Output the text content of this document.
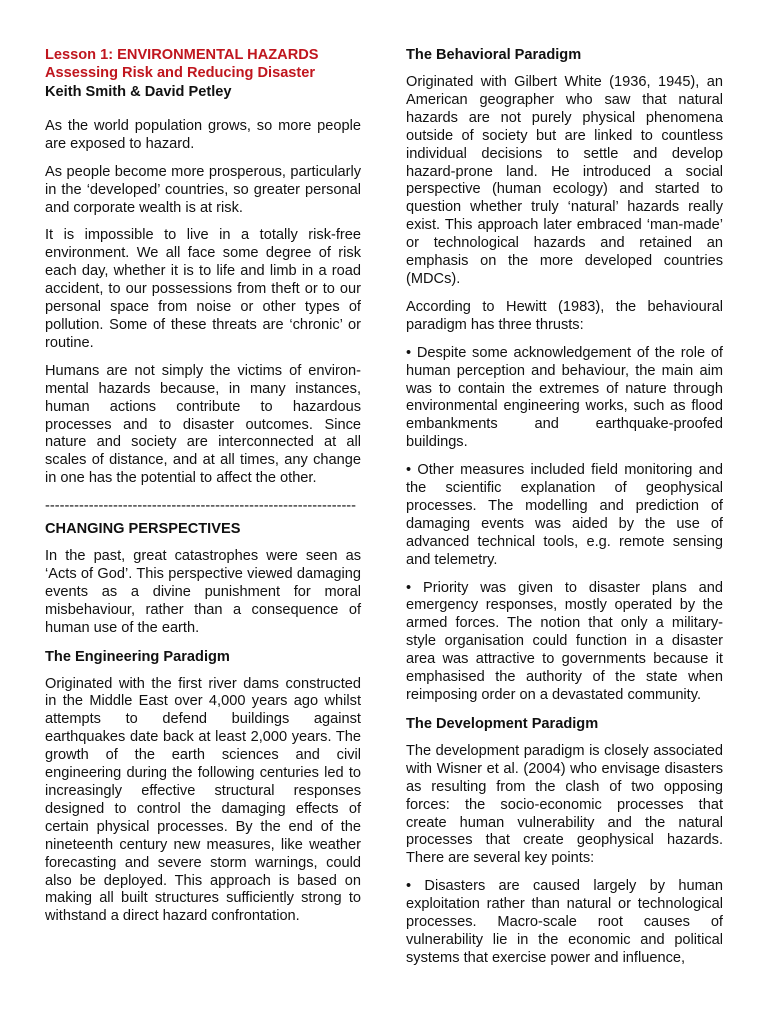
Lesson 1: ENVIRONMENTAL HAZARDS
Assessing Risk and Reducing Disaster
Keith Smith & David Petley

As the world population grows, so more people are exposed to hazard.

As people become more prosperous, particularly in the ‘developed’ countries, so greater personal and corporate wealth is at risk.

It is impossible to live in a totally risk-free environment. We all face some degree of risk each day, whether it is to life and limb in a road accident, to our possessions from theft or to our personal space from noise or other types of pollution. Some of these threats are ‘chronic’ or routine.

Humans are not simply the victims of environ-mental hazards because, in many instances, human actions contribute to hazardous processes and to disaster outcomes. Since nature and society are interconnected at all scales of distance, and at all times, any change in one has the potential to affect the other.

----------------------------------------------------------------
CHANGING PERSPECTIVES

In the past, great catastrophes were seen as ‘Acts of God’. This perspective viewed damaging events as a divine punishment for moral misbehaviour, rather than a consequence of human use of the earth.

The Engineering Paradigm

Originated with the first river dams constructed in the Middle East over 4,000 years ago whilst attempts to defend buildings against earthquakes date back at least 2,000 years. The growth of the earth sciences and civil engineering during the following centuries led to increasingly effective structural responses designed to control the damaging effects of certain physical processes. By the end of the nineteenth century new measures, like weather forecasting and severe storm warnings, could also be deployed. This approach is based on making all built structures sufficiently strong to withstand a direct hazard confrontation.

The Behavioral Paradigm

Originated with Gilbert White (1936, 1945), an American geographer who saw that natural hazards are not purely physical phenomena outside of society but are linked to countless individual decisions to settle and develop hazard-prone land. He introduced a social perspective (human ecology) and started to question whether truly ‘natural’ hazards really exist. This approach later embraced ‘man-made’ or technological hazards and retained an emphasis on the more developed countries (MDCs).

According to Hewitt (1983), the behavioural paradigm has three thrusts:

• Despite some acknowledgement of the role of human perception and behaviour, the main aim was to contain the extremes of nature through environmental engineering works, such as flood embankments and earthquake-proofed buildings.

• Other measures included field monitoring and the scientific explanation of geophysical processes. The modelling and prediction of damaging events was aided by the use of advanced technical tools, e.g. remote sensing and telemetry.

• Priority was given to disaster plans and emergency responses, mostly operated by the armed forces. The notion that only a military-style organisation could function in a disaster area was attractive to governments because it emphasised the authority of the state when reimposing order on a devastated community.

The Development Paradigm

The development paradigm is closely associated with Wisner et al. (2004) who envisage disasters as resulting from the clash of two opposing forces: the socio-economic processes that create human vulnerability and the natural processes that create geophysical hazards. There are several key points:

• Disasters are caused largely by human exploitation rather than natural or technological processes. Macro-scale root causes of vulnerability lie in the economic and political systems that exercise power and influence,
